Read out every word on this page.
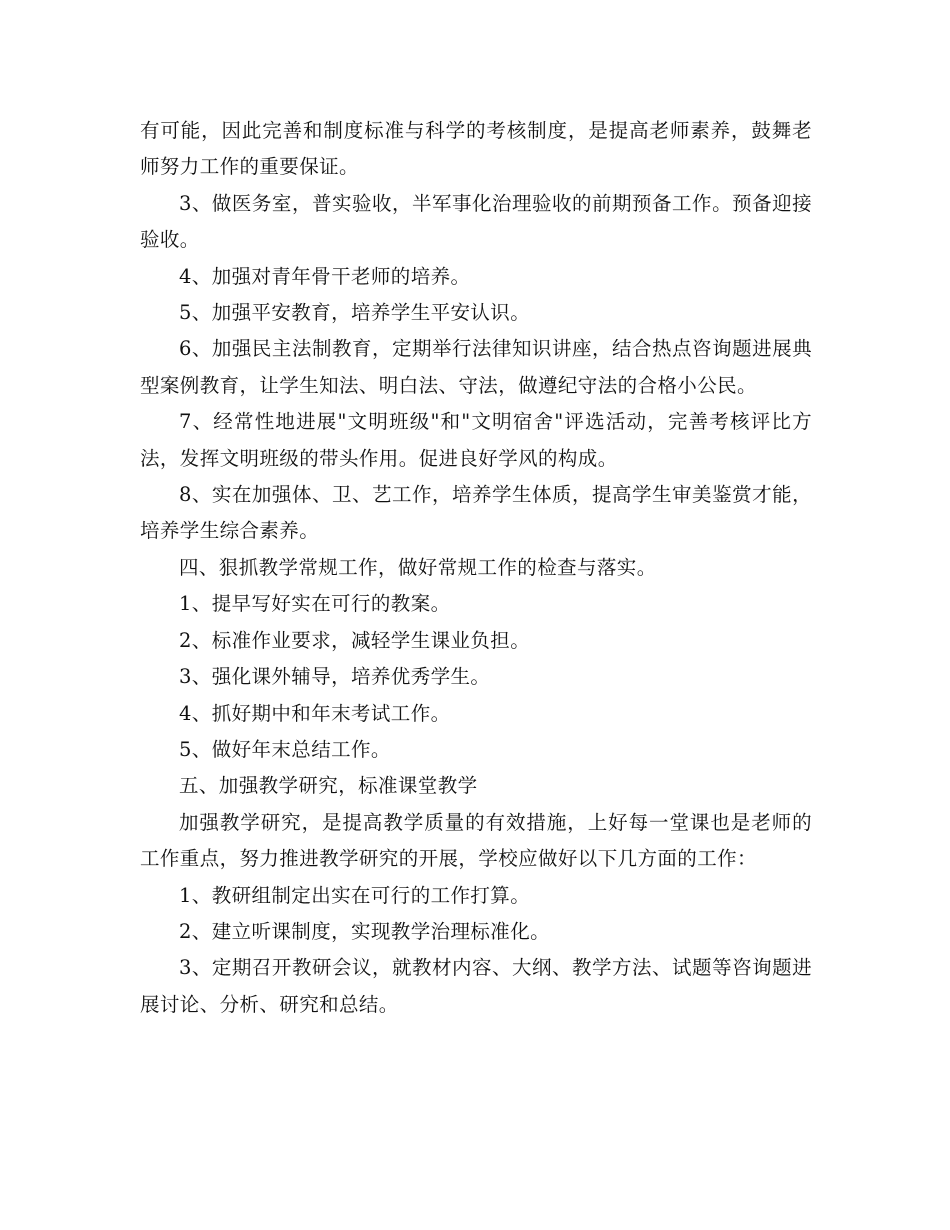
有可能，因此完善和制度标准与科学的考核制度，是提高老师素养，鼓舞老师努力工作的重要保证。

3、做医务室，普实验收，半军事化治理验收的前期预备工作。预备迎接验收。

4、加强对青年骨干老师的培养。

5、加强平安教育，培养学生平安认识。

6、加强民主法制教育，定期举行法律知识讲座，结合热点咨询题进展典型案例教育，让学生知法、明白法、守法，做遵纪守法的合格小公民。

7、经常性地进展"文明班级"和"文明宿舍"评选活动，完善考核评比方法，发挥文明班级的带头作用。促进良好学风的构成。

8、实在加强体、卫、艺工作，培养学生体质，提高学生审美鉴赏才能，培养学生综合素养。

四、狠抓教学常规工作，做好常规工作的检查与落实。

1、提早写好实在可行的教案。

2、标准作业要求，减轻学生课业负担。

3、强化课外辅导，培养优秀学生。

4、抓好期中和年末考试工作。

5、做好年末总结工作。

五、加强教学研究，标准课堂教学

加强教学研究，是提高教学质量的有效措施，上好每一堂课也是老师的工作重点，努力推进教学研究的开展，学校应做好以下几方面的工作：

1、教研组制定出实在可行的工作打算。

2、建立听课制度，实现教学治理标准化。

3、定期召开教研会议，就教材内容、大纲、教学方法、试题等咨询题进展讨论、分析、研究和总结。
